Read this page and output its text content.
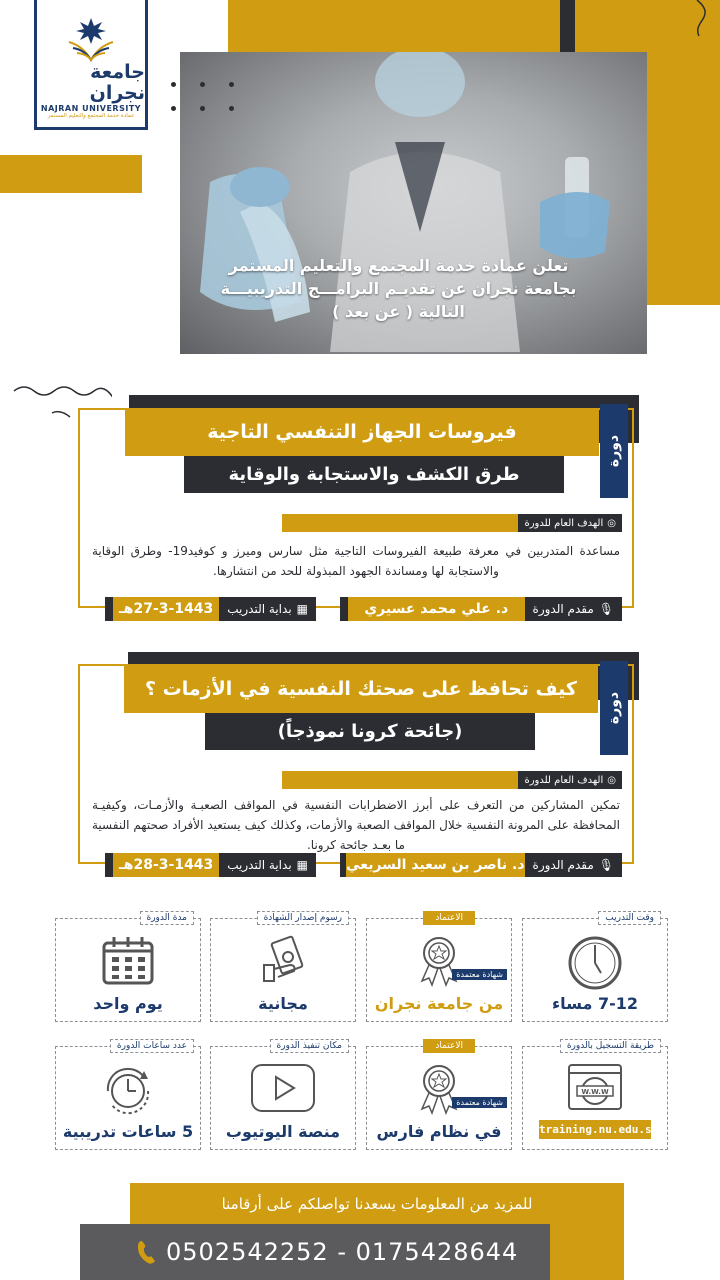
تعلن عمادة خدمة المجتمع والتعليم المستمر بجامعة نجران عن تقديـم البرامـــج التدريبيـــة التالية ( عن بعد )
جامعة نجران
NAJRAN UNIVERSITY
عمادة خدمة المجتمع والتعليم المستمر
دورة
فيروسات الجهاز التنفسي التاجية
طرق الكشف والاستجابة والوقاية
◎
الهدف العام للدورة
مساعدة المتدربين في معرفة طبيعة الفيروسات التاجية مثل سارس وميرز و كوفيد19- وطرق الوقاية والاستجابة لها ومساندة الجهود المبذولة للحد من انتشارها.
🎙
مقدم الدورة
د. علي محمد عسيري
▦
بداية التدريب
27-3-1443هـ
دورة
كيف تحافظ على صحتك النفسية في الأزمات ؟
(جائحة كرونا نموذجاً)
◎
الهدف العام للدورة
تمكين المشاركين من التعرف على أبرز الاضطرابات النفسية في المواقف الصعبـة والأزمـات، وكيفيـة المحافظة على المرونة النفسية خلال المواقف الصعبة والأزمات، وكذلك كيف يستعيد الأفراد صحتهم النفسية ما بعـد جائحة كرونا.
🎙
مقدم الدورة
د. ناصر بن سعيد السريعي
▦
بداية التدريب
28-3-1443هـ
وقت التدريب
7-12 مساء
الاعتماد
شهادة معتمدة
من جامعة نجران
رسوم إصدار الشهادة
مجانية
مدة الدورة
يوم واحد
طريقة التسجيل بالدورة
W.W.W
training.nu.edu.sa
الاعتماد
شهادة معتمدة
في نظام فارس
مكان تنفيذ الدورة
منصة اليوتيوب
عدد ساعات الدورة
5 ساعات تدريبية
للمزيد من المعلومات يسعدنا تواصلكم على أرقامنا
0502542252 - 0175428644
